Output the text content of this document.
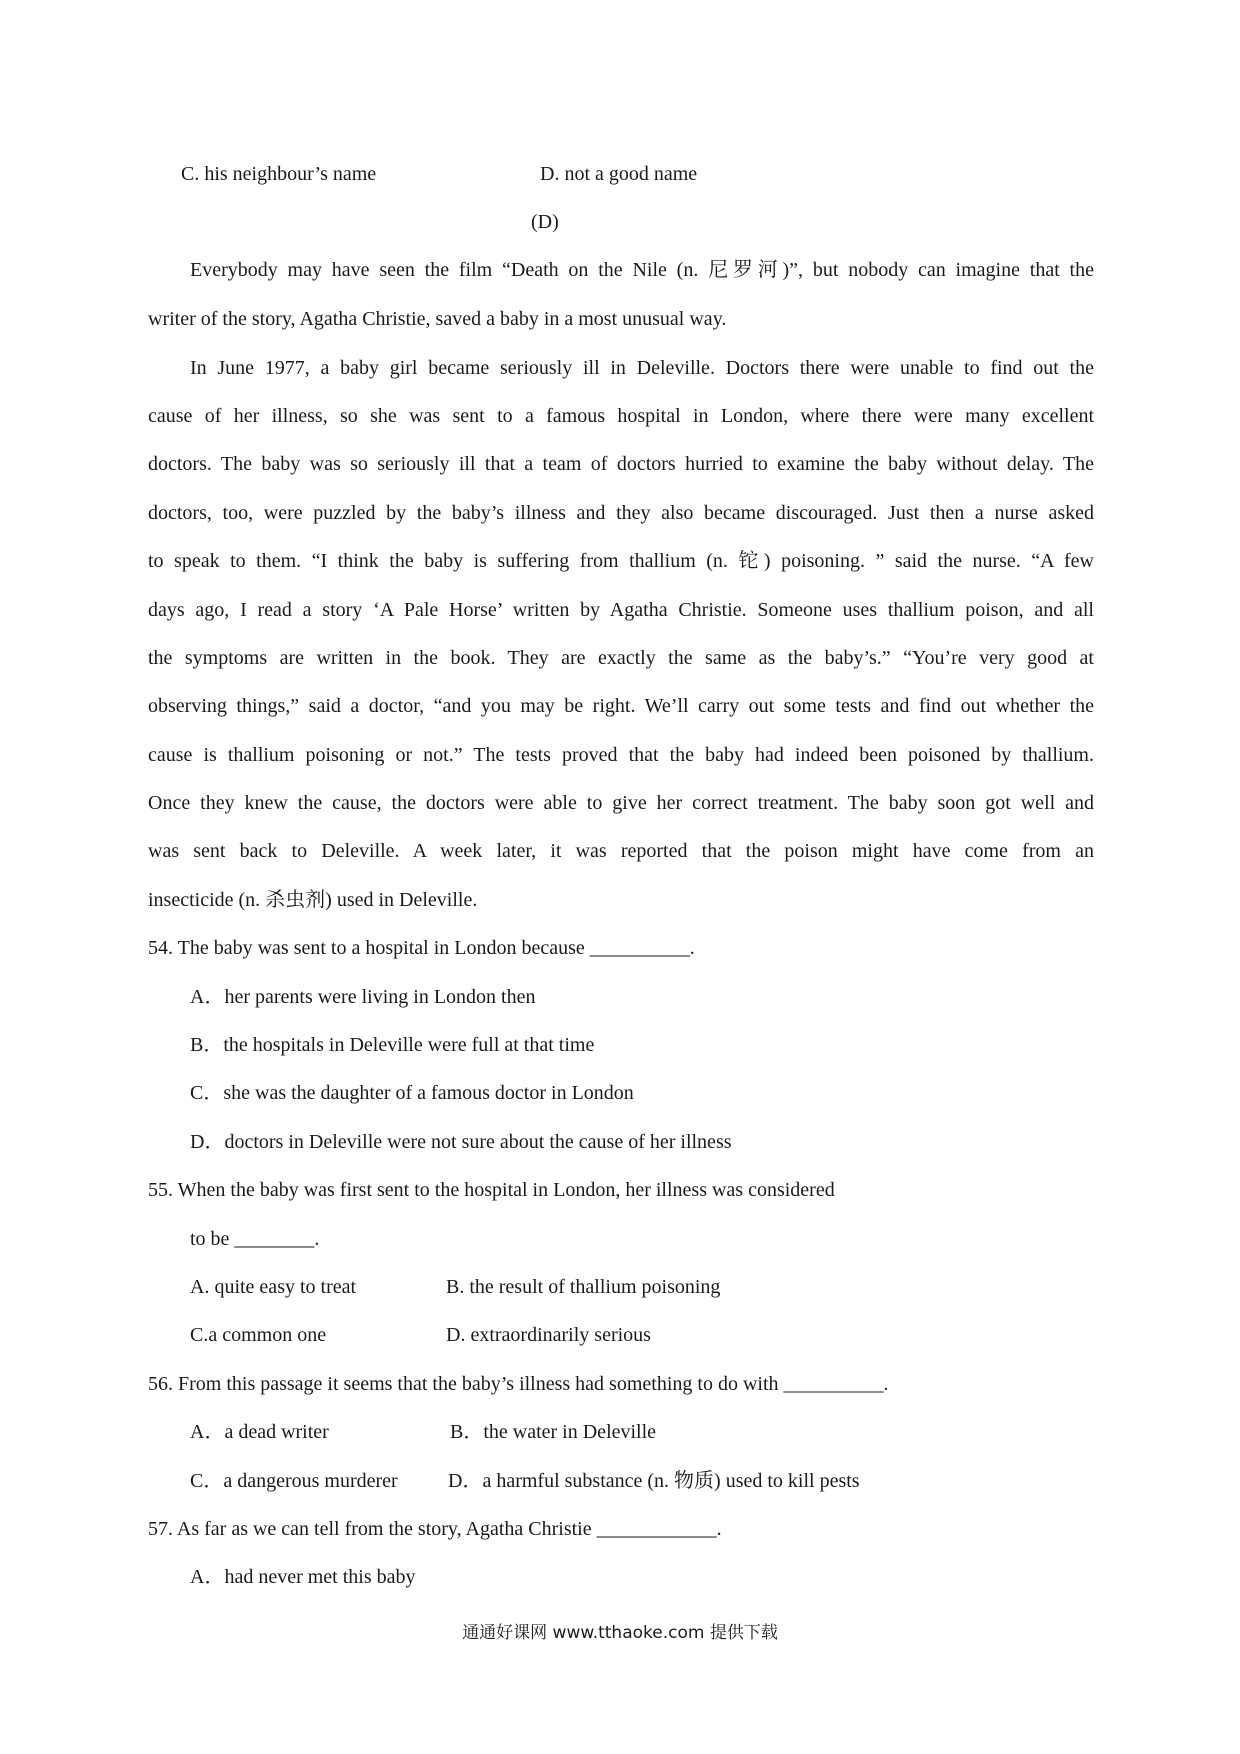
C. his neighbour’s name	D. not a good name
(D)
Everybody may have seen the film “Death on the Nile (n. 尼罗河)”, but nobody can imagine that the
writer of the story, Agatha Christie, saved a baby in a most unusual way.
In June 1977, a baby girl became seriously ill in Deleville. Doctors there were unable to find out the
cause of her illness, so she was sent to a famous hospital in London, where there were many excellent
doctors. The baby was so seriously ill that a team of doctors hurried to examine the baby without delay. The
doctors, too, were puzzled by the baby’s illness and they also became discouraged. Just then a nurse asked
to speak to them. “I think the baby is suffering from thallium (n. 铊) poisoning. ” said the nurse. “A few
days ago, I read a story ‘A Pale Horse’ written by Agatha Christie. Someone uses thallium poison, and all
the symptoms are written in the book. They are exactly the same as the baby’s.” “You’re very good at
observing things,” said a doctor, “and you may be right. We’ll carry out some tests and find out whether the
cause is thallium poisoning or not.” The tests proved that the baby had indeed been poisoned by thallium.
Once they knew the cause, the doctors were able to give her correct treatment. The baby soon got well and
was sent back to Deleville. A week later, it was reported that the poison might have come from an
insecticide (n. 杀虫剂) used in Deleville.
54. The baby was sent to a hospital in London because __________.
A．her parents were living in London then
B．the hospitals in Deleville were full at that time
C．she was the daughter of a famous doctor in London
D．doctors in Deleville were not sure about the cause of her illness
55. When the baby was first sent to the hospital in London, her illness was considered
to be ________.
A. quite easy to treat	B. the result of thallium poisoning
C.a common one	D. extraordinarily serious
56. From this passage it seems that the baby’s illness had something to do with __________.
A．a dead writer	B．the water in Deleville
C．a dangerous murderer	D．a harmful substance (n. 物质) used to kill pests
57. As far as we can tell from the story, Agatha Christie ____________.
A．had never met this baby
通通好课网 www.tthaoke.com 提供下载
